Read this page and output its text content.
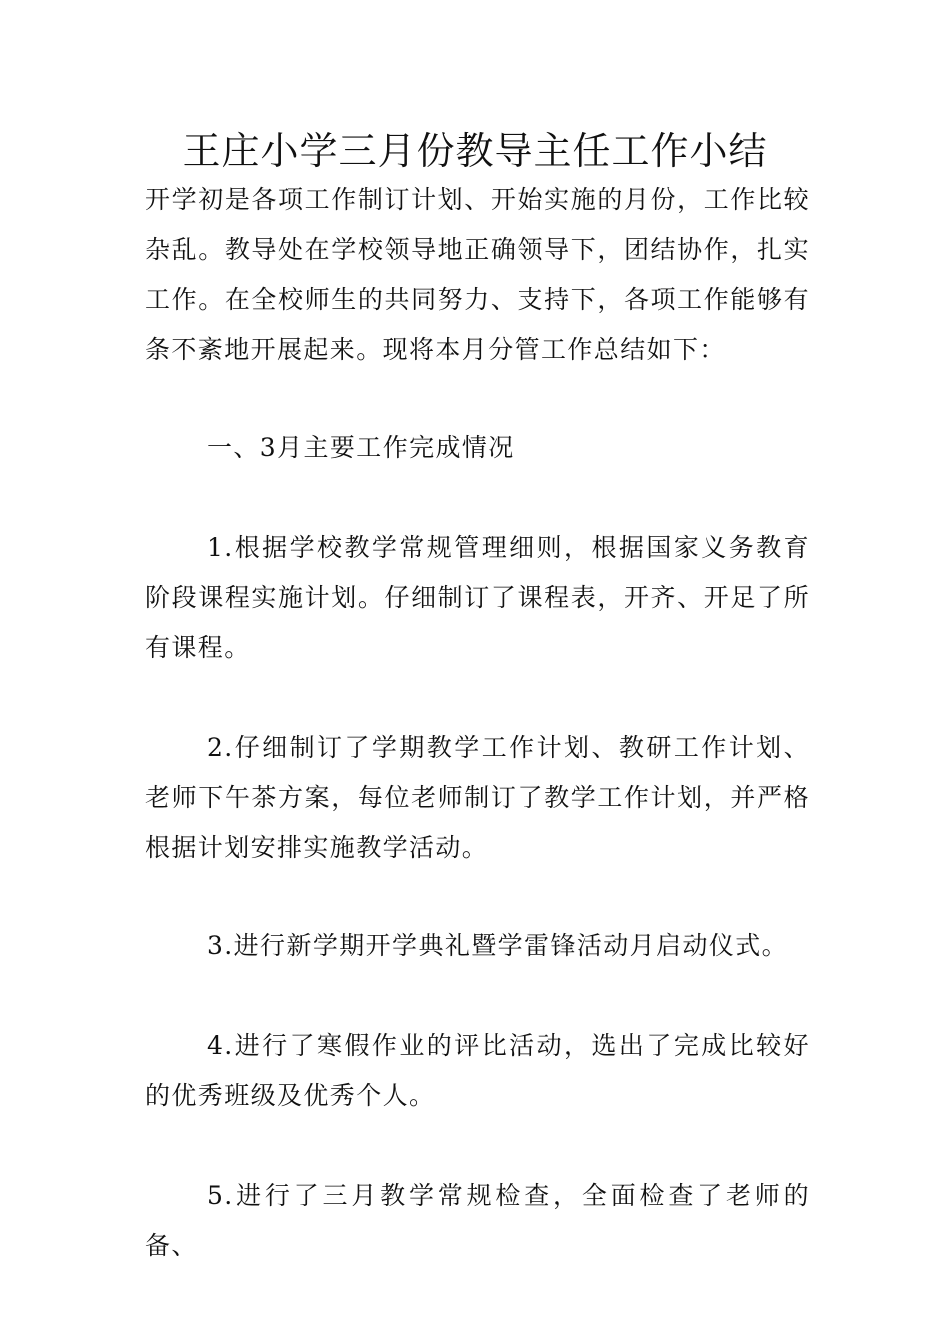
王庄小学三月份教导主任工作小结

开学初是各项工作制订计划、开始实施的月份，工作比较杂乱。教导处在学校领导地正确领导下，团结协作，扎实工作。在全校师生的共同努力、支持下，各项工作能够有条不紊地开展起来。现将本月分管工作总结如下：

一、3月主要工作完成情况

1.根据学校教学常规管理细则，根据国家义务教育阶段课程实施计划。仔细制订了课程表，开齐、开足了所有课程。

2.仔细制订了学期教学工作计划、教研工作计划、老师下午茶方案，每位老师制订了教学工作计划，并严格根据计划安排实施教学活动。

3.进行新学期开学典礼暨学雷锋活动月启动仪式。

4.进行了寒假作业的评比活动，选出了完成比较好的优秀班级及优秀个人。

5.进行了三月教学常规检查，全面检查了老师的备、
